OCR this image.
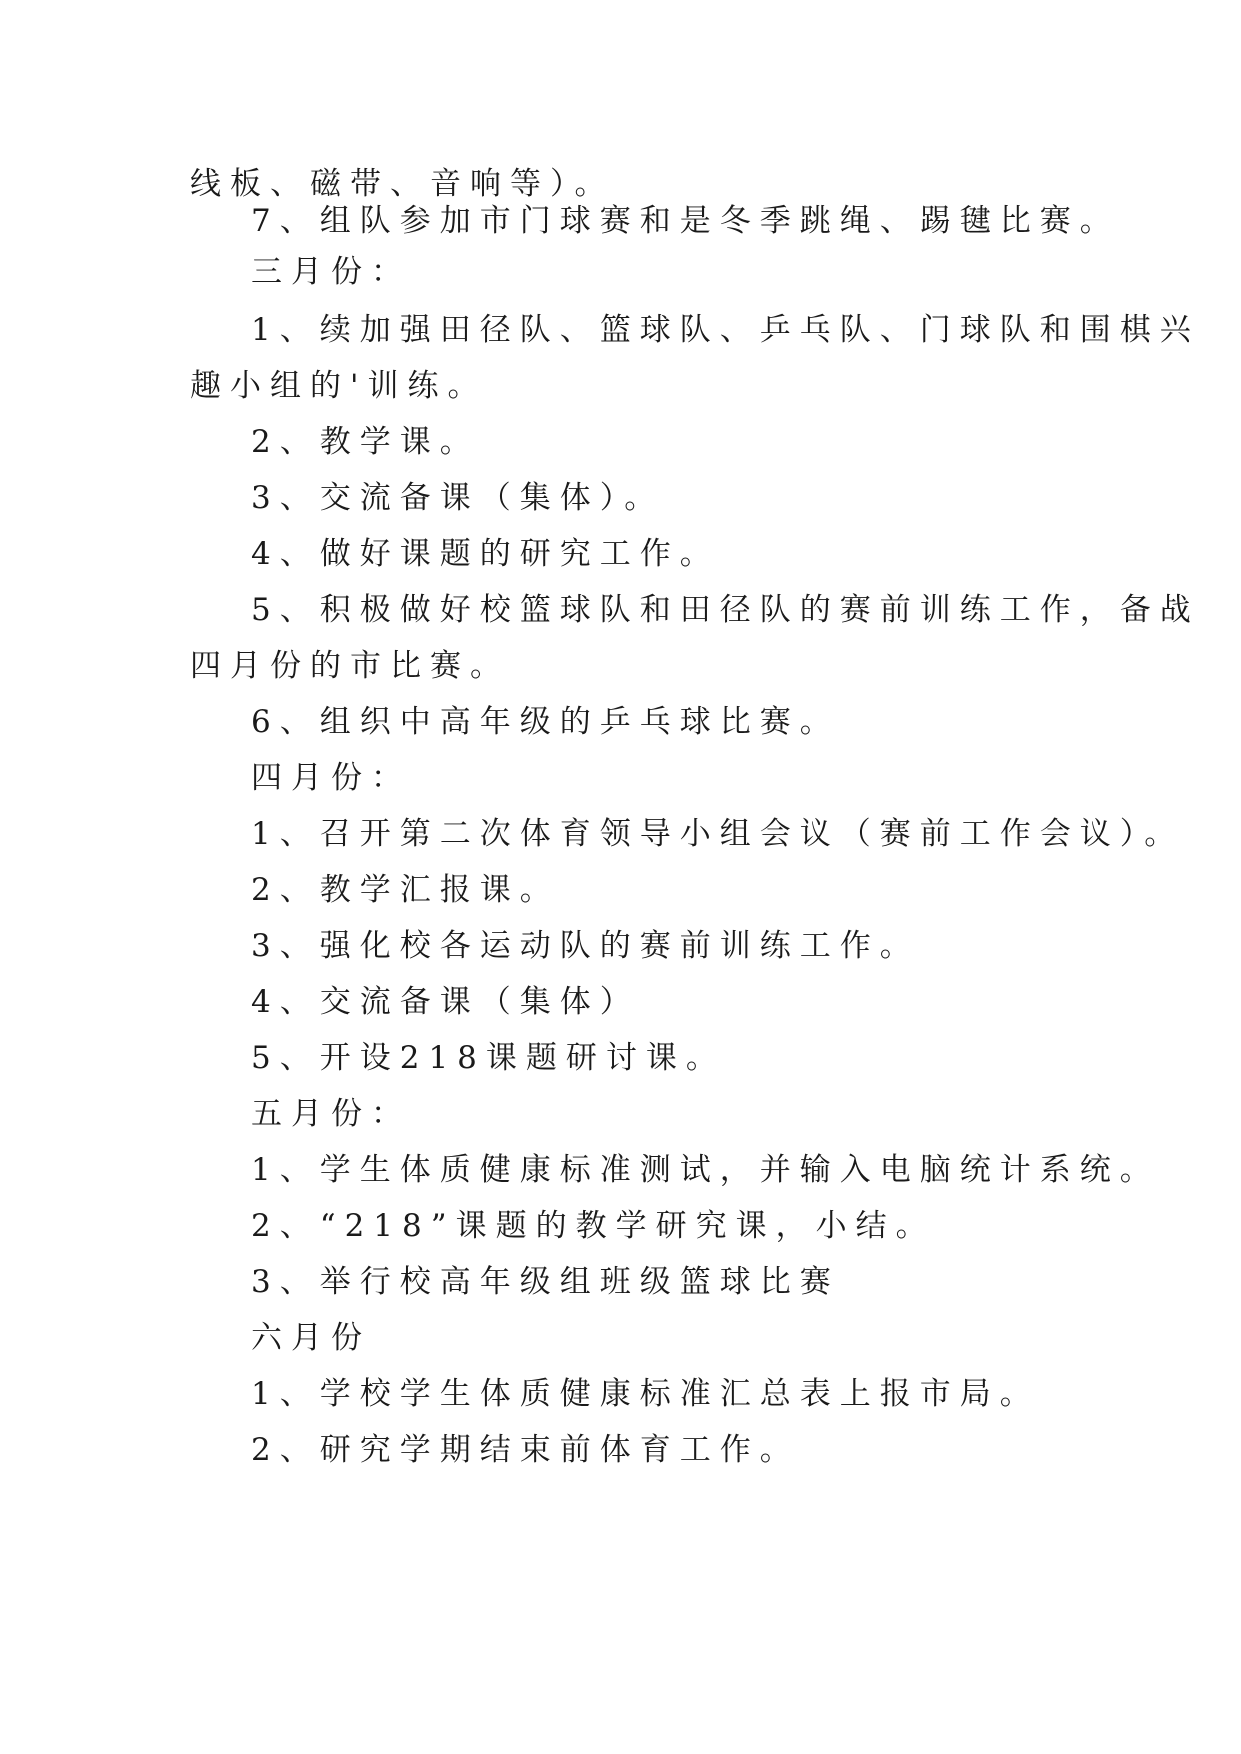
线板、磁带、音响等）。
7、组队参加市门球赛和是冬季跳绳、踢毽比赛。
三月份：
1、续加强田径队、篮球队、乒乓队、门球队和围棋兴
趣小组的'训练。
2、教学课。
3、交流备课（集体）。
4、做好课题的研究工作。
5、积极做好校篮球队和田径队的赛前训练工作，备战
四月份的市比赛。
6、组织中高年级的乒乓球比赛。
四月份：
1、召开第二次体育领导小组会议（赛前工作会议）。
2、教学汇报课。
3、强化校各运动队的赛前训练工作。
4、交流备课（集体）
5、开设218课题研讨课。
五月份：
1、学生体质健康标准测试，并输入电脑统计系统。
2、“218”课题的教学研究课，小结。
3、举行校高年级组班级篮球比赛
六月份
1、学校学生体质健康标准汇总表上报市局。
2、研究学期结束前体育工作。
